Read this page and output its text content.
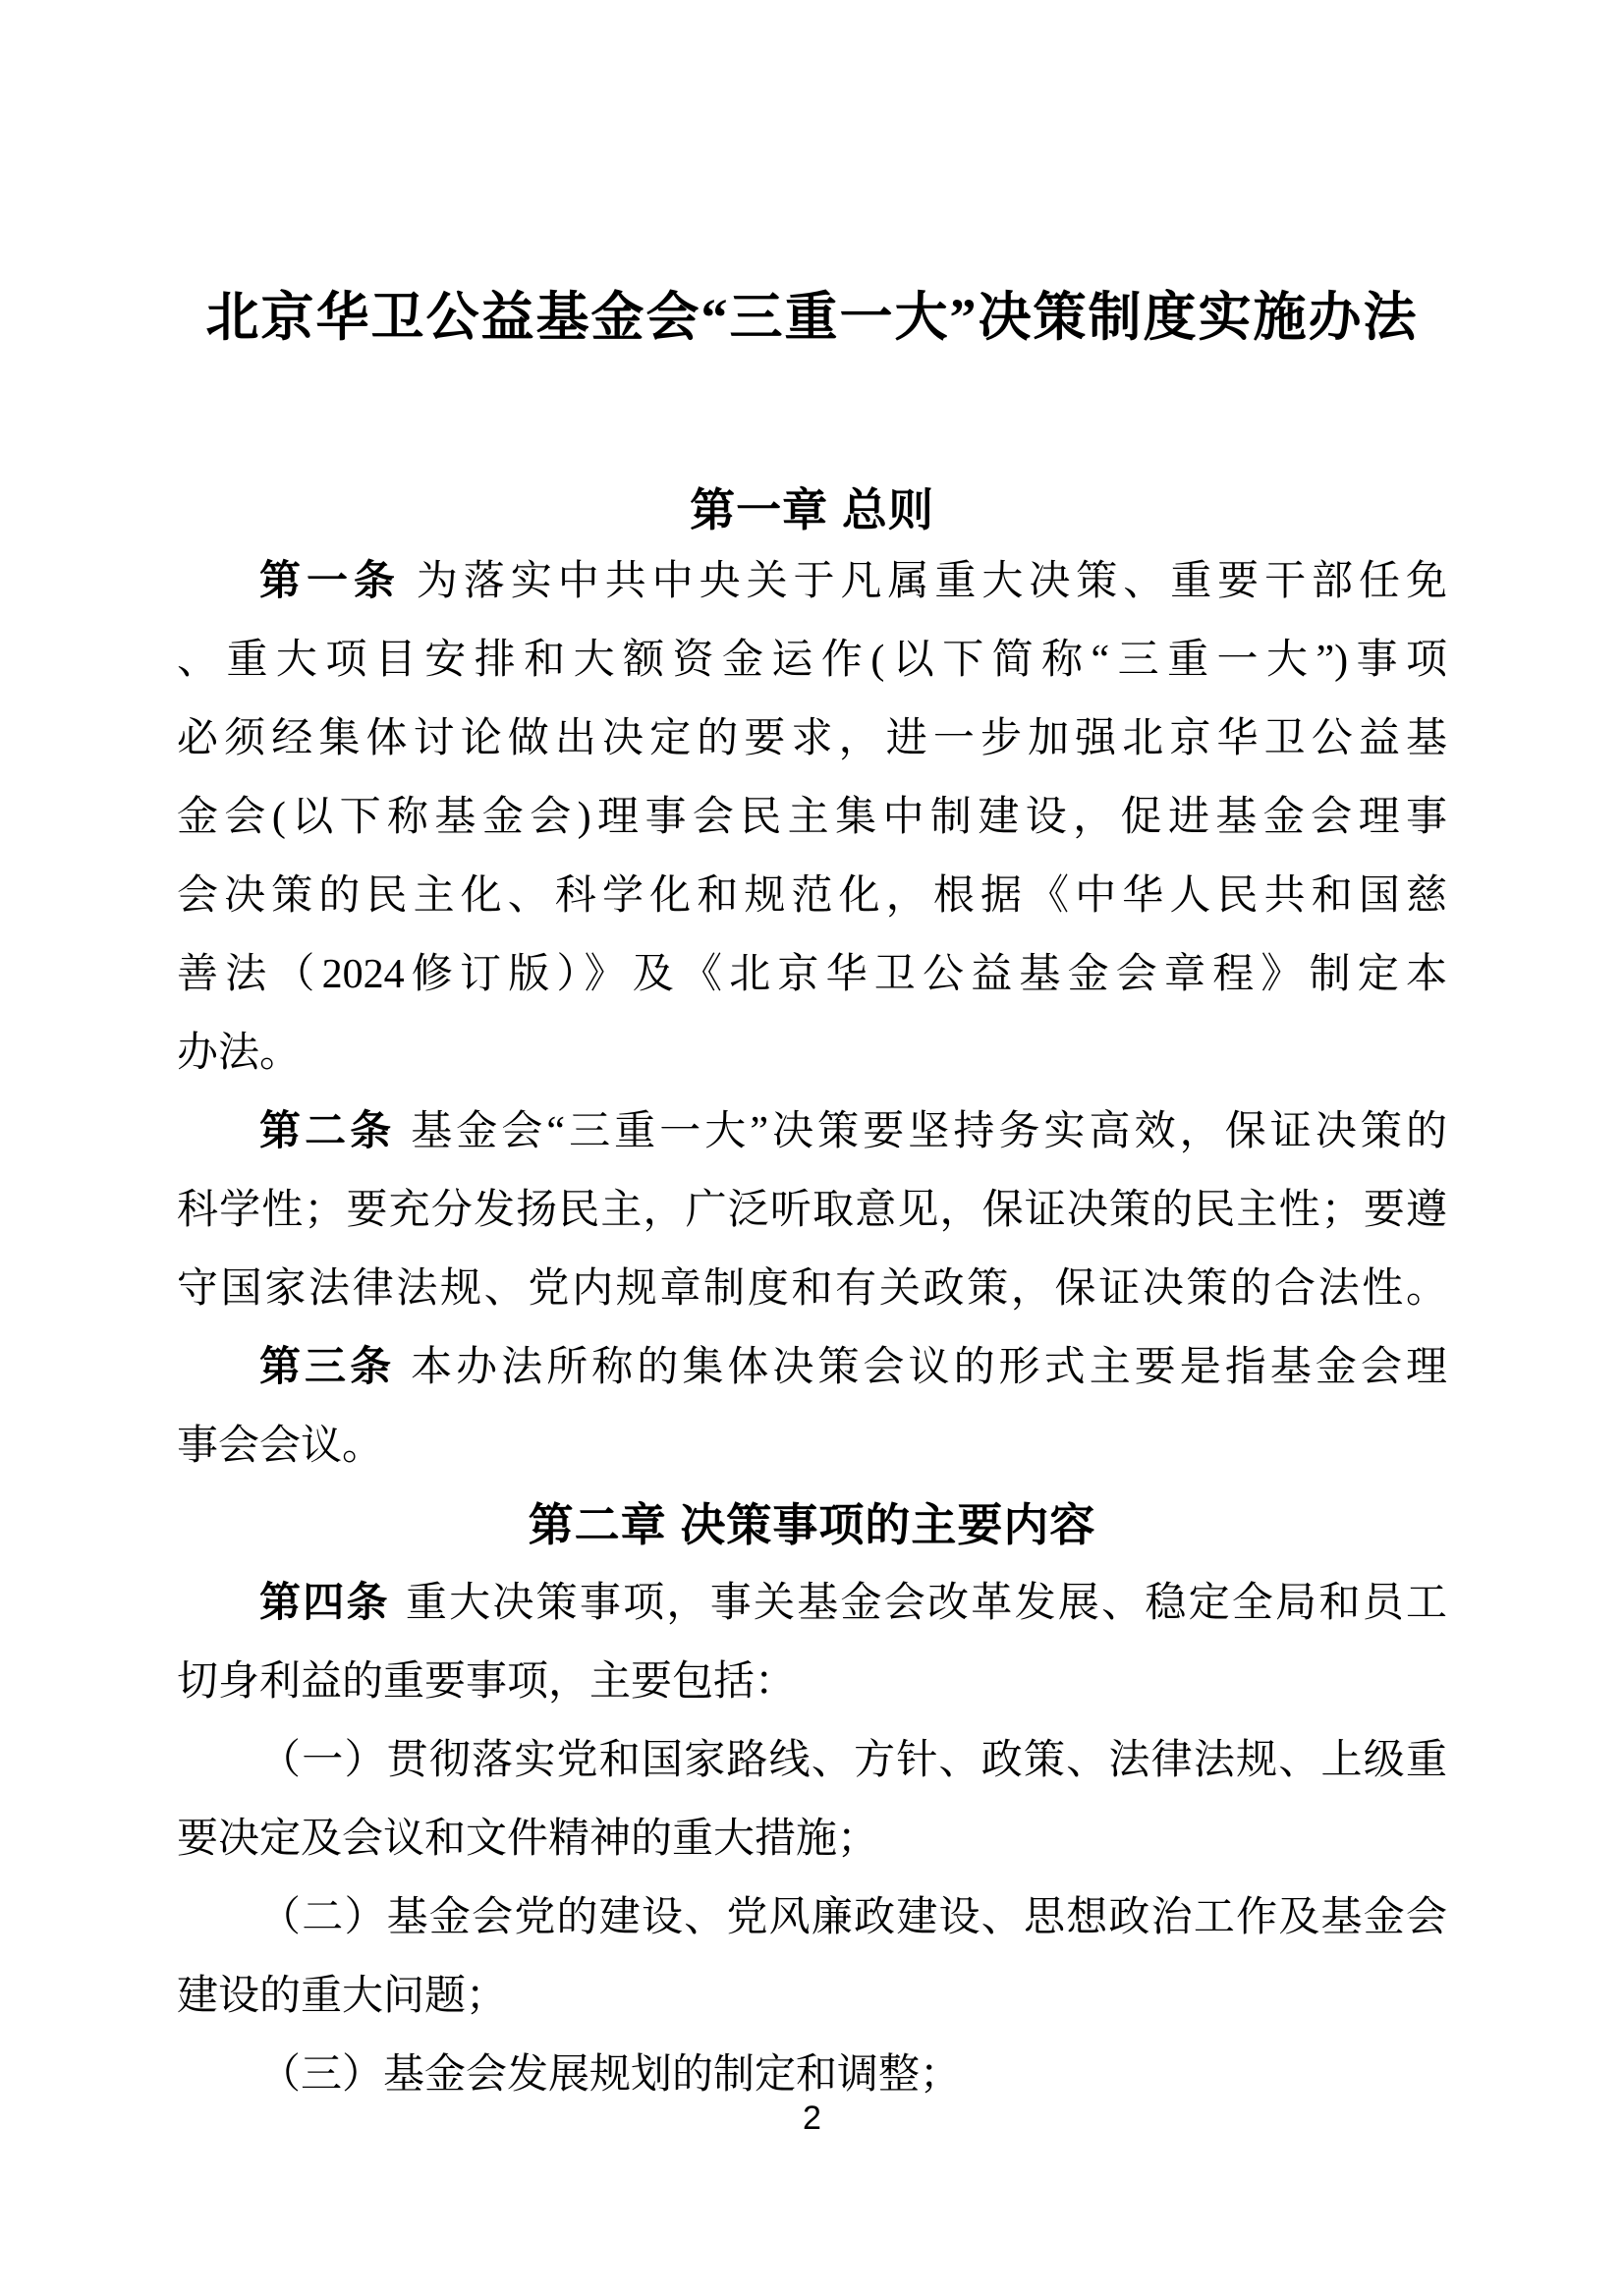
北京华卫公益基金会“三重一大”决策制度实施办法
第一章 总则
第一条 为落实中共中央关于凡属重大决策、重要干部任免
、重大项目安排和大额资金运作(以下简称“三重一大”)事项
必须经集体讨论做出决定的要求，进一步加强北京华卫公益基
金会(以下称基金会)理事会民主集中制建设，促进基金会理事
会决策的民主化、科学化和规范化，根据《中华人民共和国慈
善法（2024修订版）》及《北京华卫公益基金会章程》制定本
办法。
第二条 基金会“三重一大”决策要坚持务实高效，保证决策的
科学性；要充分发扬民主，广泛听取意见，保证决策的民主性；要遵
守国家法律法规、党内规章制度和有关政策，保证决策的合法性。
第三条 本办法所称的集体决策会议的形式主要是指基金会理
事会会议。
第二章 决策事项的主要内容
第四条 重大决策事项，事关基金会改革发展、稳定全局和员工
切身利益的重要事项，主要包括：
（一）贯彻落实党和国家路线、方针、政策、法律法规、上级重
要决定及会议和文件精神的重大措施；
（二）基金会党的建设、党风廉政建设、思想政治工作及基金会
建设的重大问题；
（三）基金会发展规划的制定和调整；
2
